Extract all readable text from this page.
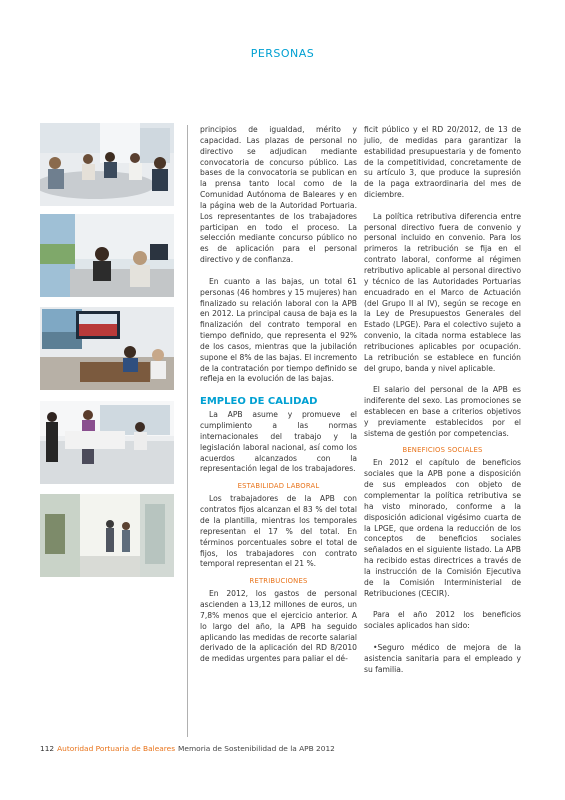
PERSONAS

principios de igualdad, mérito y capacidad. Las plazas de personal no directivo se adjudican mediante convocatoria de concurso público. Las bases de la convocatoria se publican en la prensa tanto local como de la Comunidad Autónoma de Baleares y en la página web de la Autoridad Portuaria. Los representantes de los trabajadores participan en todo el proceso. La selección mediante concurso público no es de aplicación para el personal directivo y de confianza.

En cuanto a las bajas, un total 61 personas (46 hombres y 15 mujeres) han finalizado su relación laboral con la APB en 2012. La principal causa de baja es la finalización del contrato temporal en tiempo definido, que representa el 92% de los casos, mientras que la jubilación supone el 8% de las bajas. El incremento de la contratación por tiempo definido se refleja en la evolución de las bajas.

EMPLEO DE CALIDAD

La APB asume y promueve el cumplimiento a las normas internacionales del trabajo y la legislación laboral nacional, así como los acuerdos alcanzados con la representación legal de los trabajadores.

ESTABILIDAD LABORAL

Los trabajadores de la APB con contratos fijos alcanzan el 83 % del total de la plantilla, mientras los temporales representan el 17 % del total. En términos porcentuales sobre el total de fijos, los trabajadores con contrato temporal representan el 21 %.

RETRIBUCIONES

En 2012, los gastos de personal ascienden a 13,12 millones de euros, un 7,8% menos que el ejercicio anterior. A lo largo del año, la APB ha seguido aplicando las medidas de recorte salarial derivado de la aplicación del RD 8/2010 de medidas urgentes para paliar el dé-

ficit público y el RD 20/2012, de 13 de julio, de medidas para garantizar la estabilidad presupuestaria y de fomento de la competitividad, concretamente de su artículo 3, que produce la supresión de la paga extraordinaria del mes de diciembre.

La política retributiva diferencia entre personal directivo fuera de convenio y personal incluido en convenio. Para los primeros la retribución se fija en el contrato laboral, conforme al régimen retributivo aplicable al personal directivo y técnico de las Autoridades Portuarias encuadrado en el Marco de Actuación (del Grupo II al IV), según se recoge en la Ley de Presupuestos Generales del Estado (LPGE). Para el colectivo sujeto a convenio, la citada norma establece las retribuciones aplicables por ocupación. La retribución se establece en función del grupo, banda y nivel aplicable.

El salario del personal de la APB es indiferente del sexo. Las promociones se establecen en base a criterios objetivos y previamente establecidos por el sistema de gestión por competencias.

BENEFICIOS SOCIALES

En 2012 el capítulo de beneficios sociales que la APB pone a disposición de sus empleados con objeto de complementar la política retributiva se ha visto minorado, conforme a la disposición adicional vigésimo cuarta de la LPGE, que ordena la reducción de los conceptos de beneficios sociales señalados en el siguiente listado. La APB ha recibido estas directrices a través de la instrucción de la Comisión Ejecutiva de la Comisión Interministerial de Retribuciones (CECIR).

Para el año 2012 los beneficios sociales aplicados han sido:

•Seguro médico de mejora de la asistencia sanitaria para el empleado y su familia.

112 Autoridad Portuaria de Baleares Memoria de Sostenibilidad de la APB 2012
